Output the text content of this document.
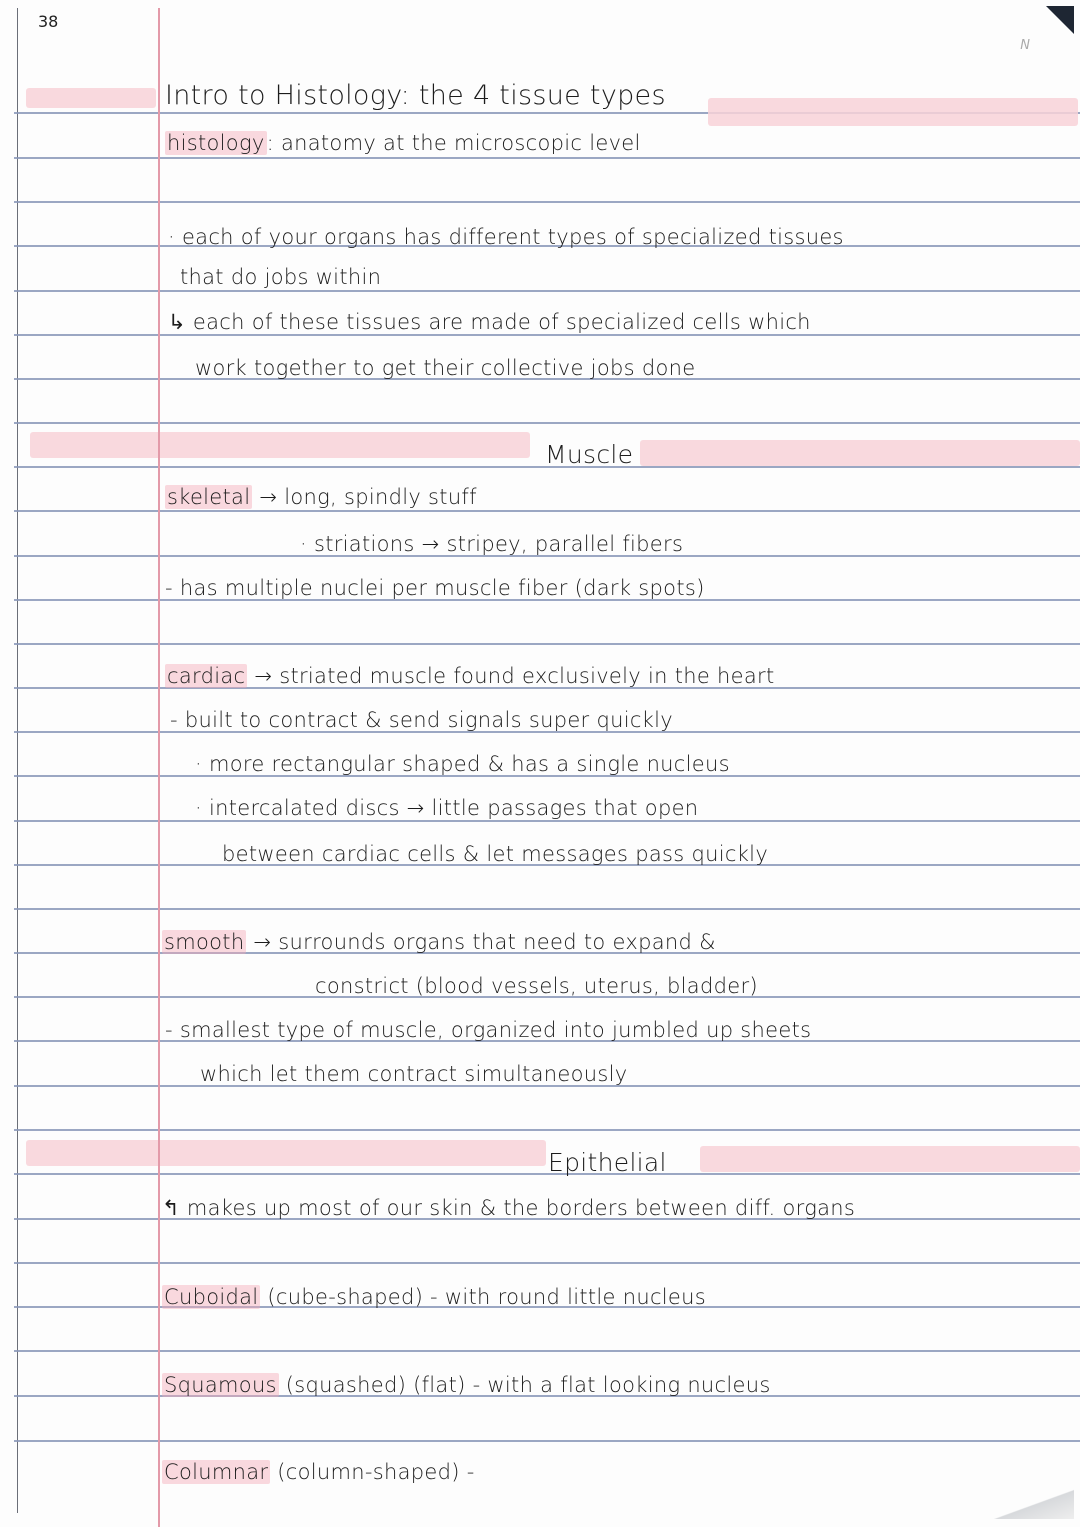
38
N
Intro to Histology: the 4 tissue types
histology: anatomy at the microscopic level
· each of your organs has different types of specialized tissues
that do jobs within
↳ each of these tissues are made of specialized cells which
work together to get their collective jobs done
Muscle
skeletal → long, spindly stuff
· striations → stripey, parallel fibers
- has multiple nuclei per muscle fiber (dark spots)
cardiac → striated muscle found exclusively in the heart
- built to contract & send signals super quickly
· more rectangular shaped & has a single nucleus
· intercalated discs → little passages that open
between cardiac cells & let messages pass quickly
smooth → surrounds organs that need to expand &
constrict (blood vessels, uterus, bladder)
- smallest type of muscle, organized into jumbled up sheets
which let them contract simultaneously
Epithelial
↰ makes up most of our skin & the borders between diff. organs
Cuboidal (cube-shaped) - with round little nucleus
Squamous (squashed) (flat) - with a flat looking nucleus
Columnar (column-shaped) -
